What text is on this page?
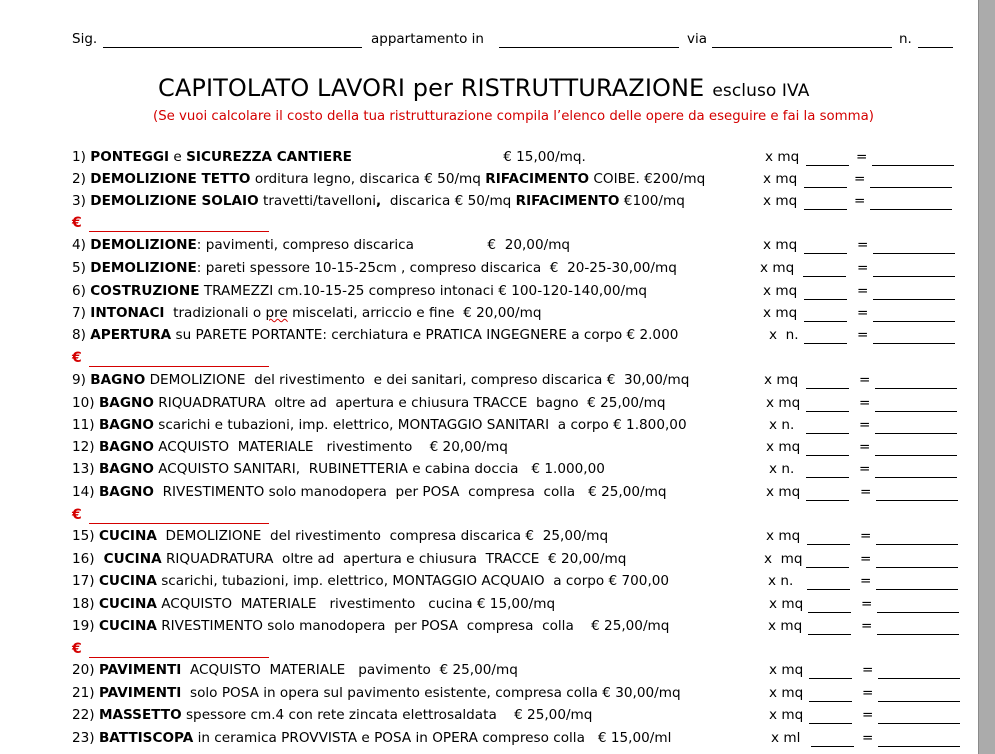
Sig.	appartamento in	via	n.
CAPITOLATO LAVORI per RISTRUTTURAZIONE escluso IVA
(Se vuoi calcolare il costo della tua ristrutturazione compila l’elenco delle opere da eseguire e fai la somma)
1) PONTEGGI e SICUREZZA CANTIERE                                   € 15,00/mq.	x mq	=
2) DEMOLIZIONE TETTO orditura legno, discarica € 50/mq RIFACIMENTO COIBE. €200/mq	x mq	=
3) DEMOLIZIONE SOLAIO travetti/tavelloni,  discarica € 50/mq RIFACIMENTO €100/mq	x mq	=
4) DEMOLIZIONE: pavimenti, compreso discarica                 €  20,00/mq	x mq	=
5) DEMOLIZIONE: pareti spessore 10-15-25cm , compreso discarica  €  20-25-30,00/mq	x mq	=
6) COSTRUZIONE TRAMEZZI cm.10-15-25 compreso intonaci € 100-120-140,00/mq	x mq	=
7) INTONACI  tradizionali o pre miscelati, arriccio e fine  € 20,00/mq	x mq	=
8) APERTURA su PARETE PORTANTE: cerchiatura e PRATICA INGEGNERE a corpo € 2.000	x  n.	=
9) BAGNO DEMOLIZIONE  del rivestimento  e dei sanitari, compreso discarica €  30,00/mq	x mq	=
10) BAGNO RIQUADRATURA  oltre ad  apertura e chiusura TRACCE  bagno  € 25,00/mq	x mq	=
11) BAGNO scarichi e tubazioni, imp. elettrico, MONTAGGIO SANITARI  a corpo € 1.800,00	x n.	=
12) BAGNO ACQUISTO  MATERIALE   rivestimento    € 20,00/mq	x mq	=
13) BAGNO ACQUISTO SANITARI,  RUBINETTERIA e cabina doccia   € 1.000,00	x n.	=
14) BAGNO  RIVESTIMENTO solo manodopera  per POSA  compresa  colla   € 25,00/mq	x mq	=
15) CUCINA  DEMOLIZIONE  del rivestimento  compresa discarica €  25,00/mq	x mq	=
16)  CUCINA RIQUADRATURA  oltre ad  apertura e chiusura  TRACCE  € 20,00/mq	x  mq	=
17) CUCINA scarichi, tubazioni, imp. elettrico, MONTAGGIO ACQUAIO  a corpo € 700,00	x n.	=
18) CUCINA ACQUISTO  MATERIALE   rivestimento   cucina € 15,00/mq	x mq	=
19) CUCINA RIVESTIMENTO solo manodopera  per POSA  compresa  colla    € 25,00/mq	x mq	=
20) PAVIMENTI  ACQUISTO  MATERIALE   pavimento  € 25,00/mq	x mq	=
21) PAVIMENTI  solo POSA in opera sul pavimento esistente, compresa colla € 30,00/mq	x mq	=
22) MASSETTO spessore cm.4 con rete zincata elettrosaldata    € 25,00/mq	x mq	=
23) BATTISCOPA in ceramica PROVVISTA e POSA in OPERA compreso colla   € 15,00/ml	x ml	=
€
€
€
€
